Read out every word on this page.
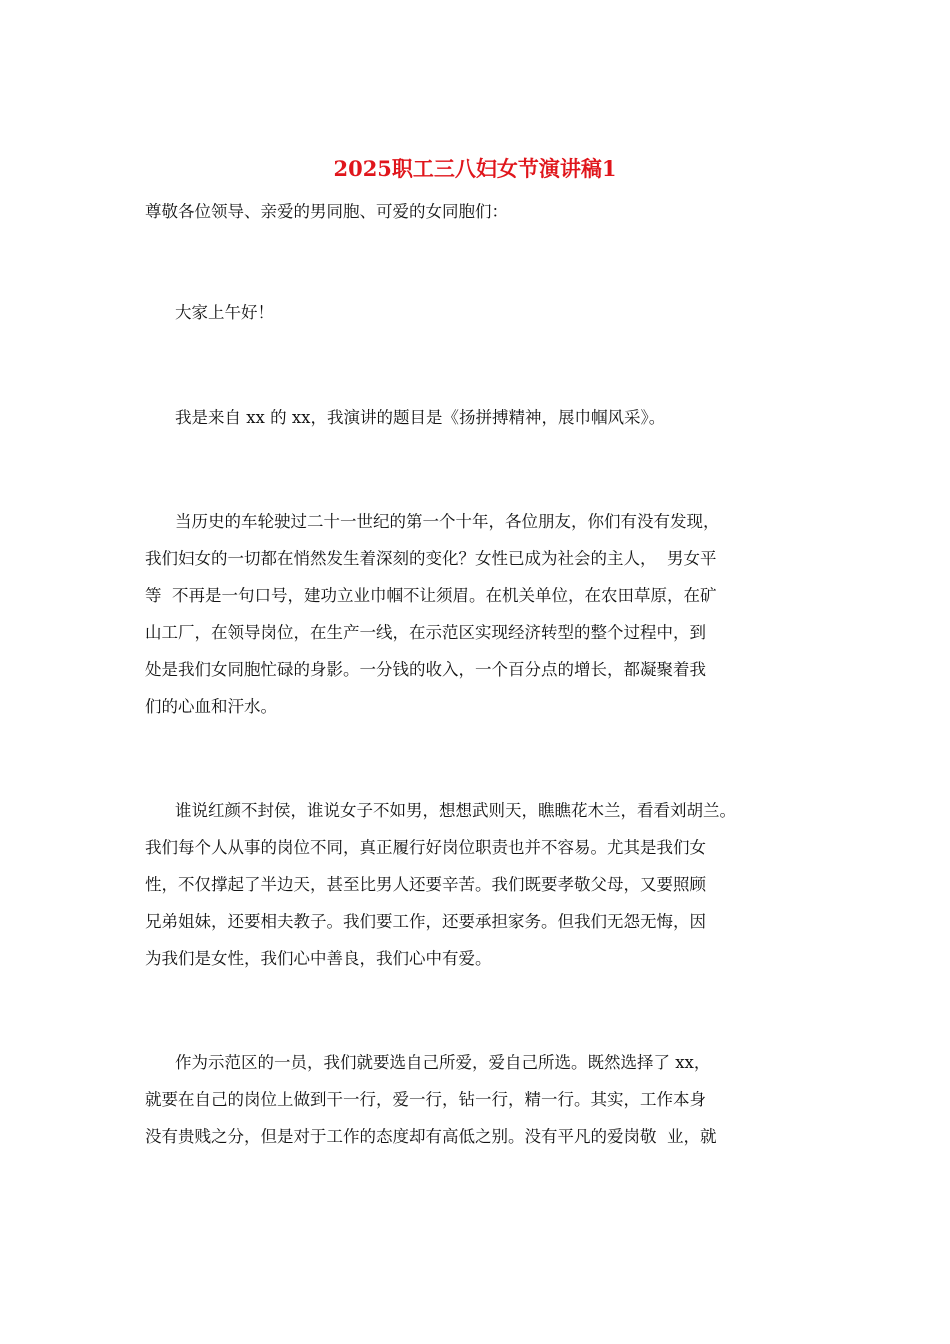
2025职工三八妇女节演讲稿1
尊敬各位领导、亲爱的男同胞、可爱的女同胞们：
大家上午好！
我是来自 xx 的 xx，我演讲的题目是《扬拼搏精神，展巾帼风采》。
当历史的车轮驶过二十一世纪的第一个十年，各位朋友，你们有没有发现，
我们妇女的一切都在悄然发生着深刻的变化？女性已成为社会的主人，  男女平
等  不再是一句口号，建功立业巾帼不让须眉。在机关单位，在农田草原，在矿
山工厂，在领导岗位，在生产一线，在示范区实现经济转型的整个过程中，到
处是我们女同胞忙碌的身影。一分钱的收入，一个百分点的增长，都凝聚着我
们的心血和汗水。
谁说红颜不封侯，谁说女子不如男，想想武则天，瞧瞧花木兰，看看刘胡兰。
我们每个人从事的岗位不同，真正履行好岗位职责也并不容易。尤其是我们女
性，不仅撑起了半边天，甚至比男人还要辛苦。我们既要孝敬父母，又要照顾
兄弟姐妹，还要相夫教子。我们要工作，还要承担家务。但我们无怨无悔，因
为我们是女性，我们心中善良，我们心中有爱。
作为示范区的一员，我们就要选自己所爱，爱自己所选。既然选择了 xx，
就要在自己的岗位上做到干一行，爱一行，钻一行，精一行。其实，工作本身
没有贵贱之分，但是对于工作的态度却有高低之别。没有平凡的爱岗敬  业，就
